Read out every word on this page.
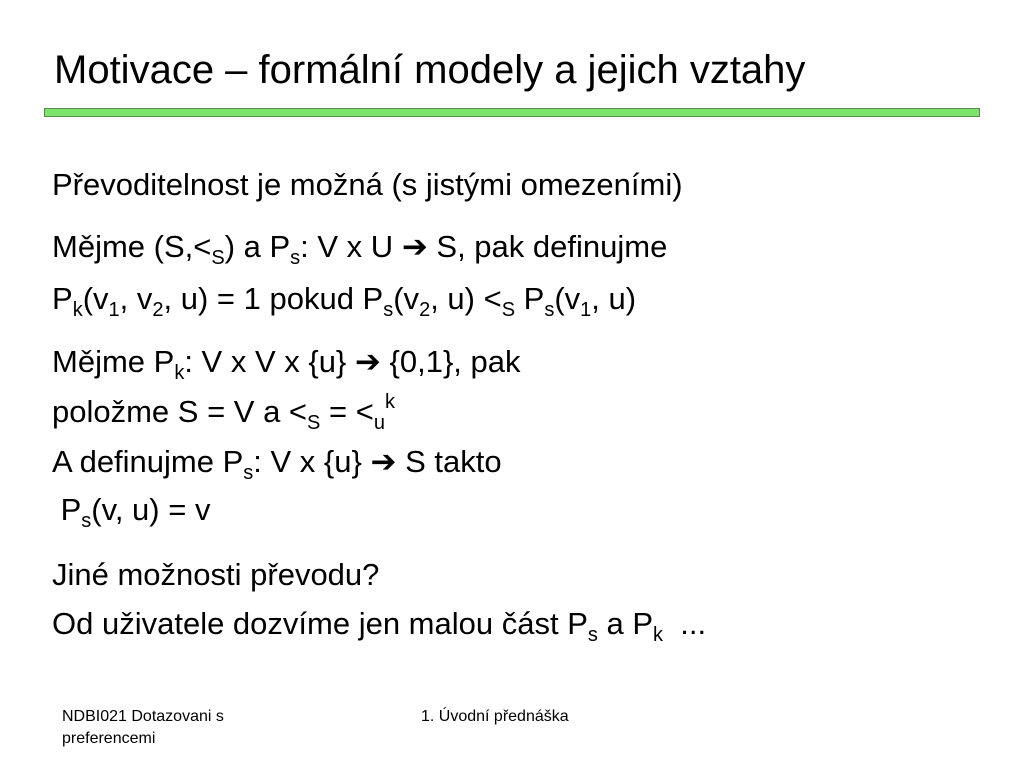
Motivace – formální modely a jejich vztahy
Převoditelnost je možná (s jistými omezeními)
Mějme $(S,<_S)$ a $P_s$: V x U ➔ S, pak definujme
$P_k(v_1$, $v_2$, u) = 1 pokud $P_s(v_2$, $u) <_S$ $P_s(v_1$, u)
Mějme $P_k$: V x V x {u} ➔ {0,1}, pak
položme S = V $a <_S = <_u^k$
A definujme $P_s$: V x {u} ➔ S takto
$P_s(v$, u) = v
Jiné možnosti převodu?
Od uživatele dozvíme jen malou část $P_s$ a $P_k$  ...
NDBI021 Dotazovani s preferencemi
1. Úvodní přednáška
